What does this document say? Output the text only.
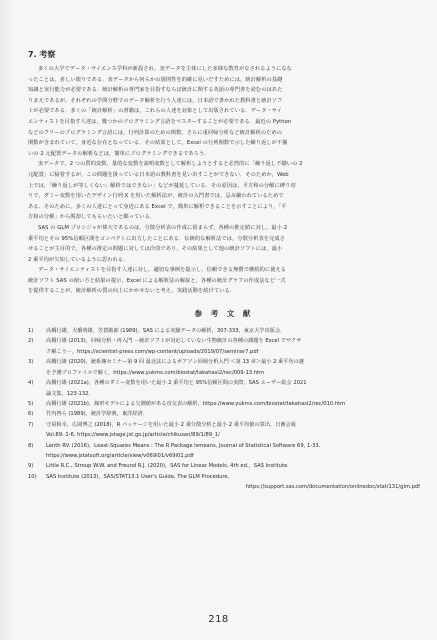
7. 考察

多くの大学でデータ・サイエンス学科が新設され，実データを主体にした多様な教育がなされるようになな
ったことは，喜しい限りである．実データから何らかの規則性を的確に見いだすためには，統計解析の基礎
知識と実行能力が必要である．統計解析の専門家を目指すならば統計に関する英語の専門書を読むのはあた
りまえであるが，それぞれの学問分野でのデータ解析を行う人達には，日本語で書かれた教科書と統計ソフ
トが必要である．多くの「統計解析」の書籍は，これらの人達を対象として出版されている．データ・サイ
エンティストを目指す人達は，幾つかのプログラミング言語をマスターすることが必要である．最近の Python
などのフリーのプログラミング言語には，行列計算のための関数，さらに重回帰分析など統計解析のための
関数が含まれていて，身近な存在となっている．その結果として，Excel の行列関数で示した繰り返しが不揃
いの 2 元配置データの解析などは，簡単にプログラミングできるであろう．

実データで，2 つの質的変数，量的な変数を説明変数として解析しようとすると必然的に「繰り返し不揃いの 2
元配置」に帰着するが，この問題を扱っている日本語の教科書を見い出すことができない．そのためか，Web
上では，「繰り返しが等しくない」解析ではできない」などが蔓延している．その原因は，平方和の分解に縛り切
りで，ダミー変数を用いたデザイン行列 X を用いた解析法が，統計の入門書では，忌み嫌われているためで
ある．そのために，多くの人達にとって身近にある Excel で，簡単に解析できることを示すことにより，「平
方和の分解」から脱却してもらいたいと願っている．

SAS の GLM プロシジャが偉大であるのは，分散分析表の作成に留まらず，各種の推定値に対し，最小 2
乗平均とその 95%信頼区間をコンパクトに出力したことにある．伝統的な解析法では，分散分析表を完成さ
せることが主目的で，各種の推定の問題に対しては冷淡であり，その結果として他の統計ソフトには，最小
2 乗平均が欠如しているように思われる．

データ・サイエンティストを目指す人達に対し，適切な事例を提示し，信頼できる無償で継続的に使える
統計ソフト SAS の使い方と結果の提示，Excel による解析法の解説と，各種の統計グラフの作成法など一式
を提供することが，統計解析の質の向上にかかせないと考え，実践活動を続けている．

参 考 文 献
1)	高橋行雄，大橋靖雄，芳賀敏郎 (1989)，SAS による実験データの解析，307-333，東京大学出版会．
2)	高橋行雄 (2013)，回帰分析・再入門 －統計ソフトが対応していない生物統計の各種の課題を Excel でサクサ
ク解こう－，https://scientist-press.com/wp-content/uploads/2019/07/seminar7.pdf
3)	高橋行雄 (2020)，統系塊セミナー第 9 回 最北法によるポアソン回帰分析入門 ＜第 13 章＞最小 2 乗平均の謎
を予測プロファイルで解く，https://www.yukms.com/biostat/takahasi2/rec/009-13.htm
4)	高橋行雄 (2021a)，各種のダミー変数を用いた最小 2 乗平均と 95%信頼区間の実際，SAS ユーザー総会 2021
論文集，123-132．
5)	高橋行雄 (2021b)，線形モデルによる欠測値がある直交表の解析，https://www.yukms.com/biostat/takahasi2/rec/010.htm
6)	竹内啓ら (1989)，統計学辞典，東洋経済．
7)	守屋和幸，広岡博之 (2018)，R パッケージを用いた最小 2 乗分散分析と最小 2 乗平均値の算出，日畜会報
Vol.89: 1-6. https://www.jstage.jst.go.jp/article/chikusan/89/1/89_1/
8)	Lenth RV. (2016)，Least-Squares Means : The R Package lsmeans, Journal of Statistical Software 69, 1-33.
https://www.jstatsoft.org/article/view/v069i01/v69i01.pdf
9)	Little R.C., Stroup W.W. and Freund R.J. (2020)，SAS for Linear Models, 4th ed.，SAS Institute.
10)	SAS Institute (2013)，SAS/STAT13.1 User's Guide, The GLM Procedure,
https://support.sas.com/documentation/onlinedoc/stat/131/glm.pdf
218
